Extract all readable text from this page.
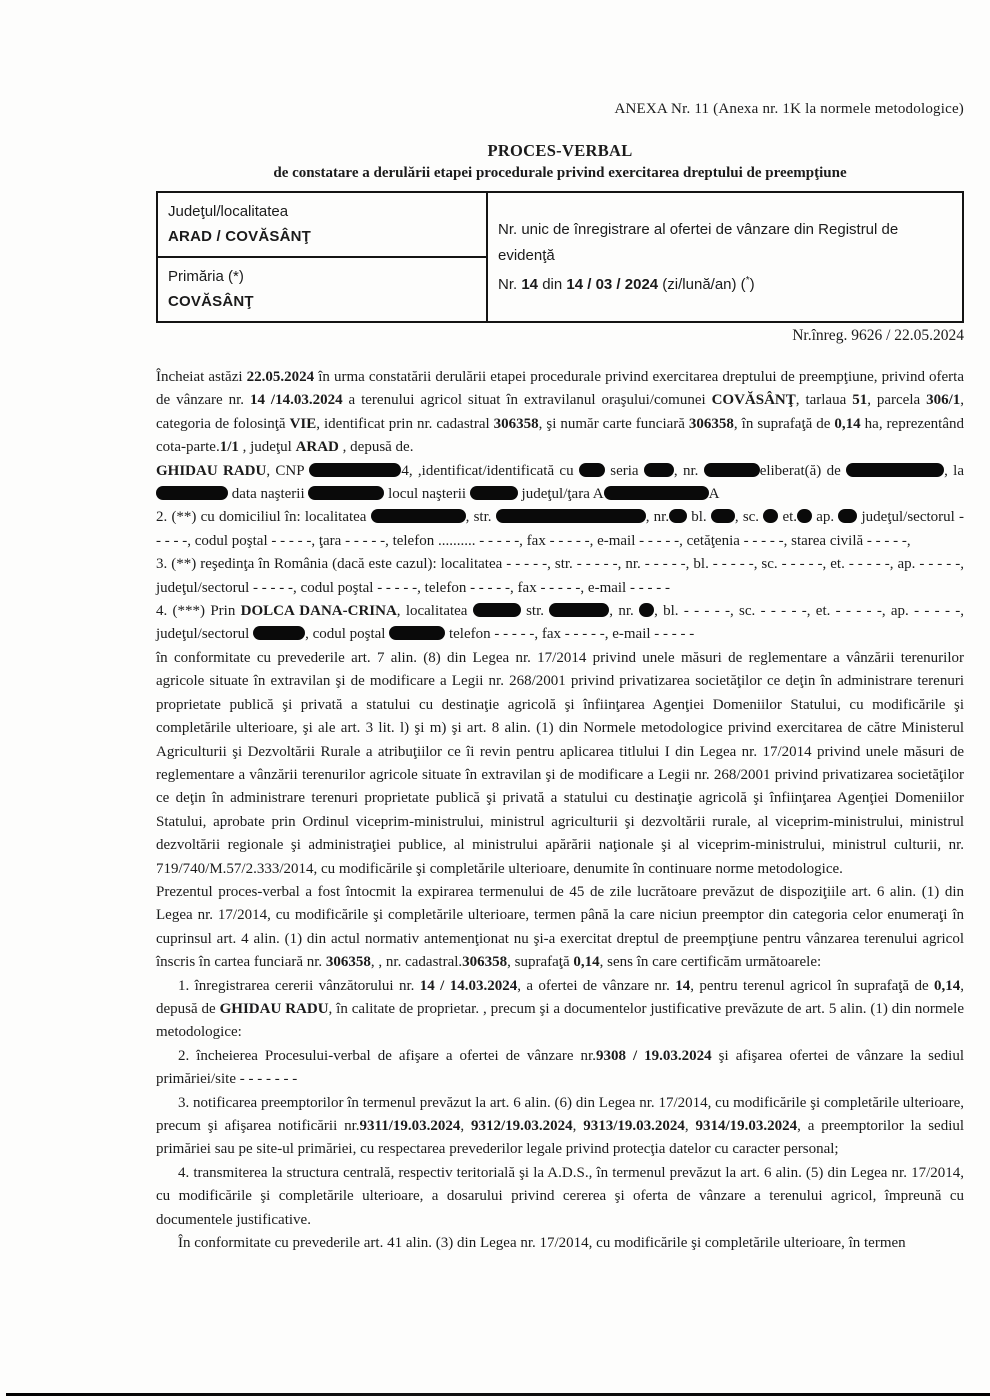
ANEXA Nr. 11 (Anexa nr. 1K la normele metodologice)
PROCES-VERBAL
de constatare a derulării etapei procedurale privind exercitarea dreptului de preempţiune
Judeţul/localitatea
ARAD / COVĂSÂNŢ	Nr. unic de înregistrare al ofertei de vânzare din Registrul de evidenţă
Nr. 14 din 14 / 03 / 2024 (zi/lună/an) (*)

Primăria (*)
COVĂSÂNŢ
Nr.înreg. 9626 / 22.05.2024

Încheiat astăzi 22.05.2024 în urma constatării derulării etapei procedurale privind exercitarea dreptului de preempţiune, privind oferta de vânzare nr. 14 /14.03.2024 a terenului agricol situat în extravilanul oraşului/comunei COVĂSÂNŢ, tarlaua 51, parcela 306/1, categoria de folosinţă VIE, identificat prin nr. cadastral 306358, şi număr carte funciară 306358, în suprafaţă de 0,14 ha, reprezentând cota-parte.1/1 , judeţul ARAD , depusă de.

GHIDAU RADU, CNP	4, ,identificat/identificată cu  seria , nr.	eliberat(ă) de	, la  data naşterii	locul naşterii	judeţul/ţara A	A

2. (**) cu domiciliul în: localitatea	, str.	, nr. bl. , sc.  et. ap.  judeţul/sectorul - - - - -, codul poştal - - - - -, ţara - - - - -, telefon .......... - - - - -, fax - - - - -, e-mail - - - - -, cetăţenia - - - - -, starea civilă - - - - -,

3. (**) reşedinţa în România (dacă este cazul): localitatea - - - - -, str. - - - - -, nr. - - - - -, bl. - - - - -, sc. - - - - -, et. - - - - -, ap. - - - - -, judeţul/sectorul - - - - -, codul poştal - - - - -, telefon - - - - -, fax - - - - -, e-mail - - - - -

4. (***) Prin DOLCA DANA-CRINA, localitatea	str.	, nr. , bl. - - - - -, sc. - - - - -, et. - - - - -, ap. - - - - -, judeţul/sectorul	, codul poştal	telefon - - - - -, fax - - - - -, e-mail - - - - -

în conformitate cu prevederile art. 7 alin. (8) din Legea nr. 17/2014 privind unele măsuri de reglementare a vânzării terenurilor agricole situate în extravilan şi de modificare a Legii nr. 268/2001 privind privatizarea societăţilor ce deţin în administrare terenuri proprietate publică şi privată a statului cu destinaţie agricolă şi înfiinţarea Agenţiei Domeniilor Statului, cu modificările şi completările ulterioare, şi ale art. 3 lit. l) şi m) şi art. 8 alin. (1) din Normele metodologice privind exercitarea de către Ministerul Agriculturii şi Dezvoltării Rurale a atribuţiilor ce îi revin pentru aplicarea titlului I din Legea nr. 17/2014 privind unele măsuri de reglementare a vânzării terenurilor agricole situate în extravilan şi de modificare a Legii nr. 268/2001 privind privatizarea societăţilor ce deţin în administrare terenuri proprietate publică şi privată a statului cu destinaţie agricolă şi înfiinţarea Agenţiei Domeniilor Statului, aprobate prin Ordinul viceprim-ministrului, ministrul agriculturii şi dezvoltării rurale, al viceprim-ministrului, ministrul dezvoltării regionale şi administraţiei publice, al ministrului apărării naţionale şi al viceprim-ministrului, ministrul culturii, nr. 719/740/M.57/2.333/2014, cu modificările şi completările ulterioare, denumite în continuare norme metodologice.

Prezentul proces-verbal a fost întocmit la expirarea termenului de 45 de zile lucrătoare prevăzut de dispoziţiile art. 6 alin. (1) din Legea nr. 17/2014, cu modificările şi completările ulterioare, termen până la care niciun preemptor din categoria celor enumeraţi în cuprinsul art. 4 alin. (1) din actul normativ antemenţionat nu şi-a exercitat dreptul de preempţiune pentru vânzarea terenului agricol înscris în cartea funciară nr. 306358, , nr. cadastral.306358, suprafaţă 0,14, sens în care certificăm următoarele:

1. înregistrarea cererii vânzătorului nr. 14 / 14.03.2024, a ofertei de vânzare nr. 14, pentru terenul agricol în suprafaţă de 0,14, depusă de GHIDAU RADU, în calitate de proprietar. , precum şi a documentelor justificative prevăzute de art. 5 alin. (1) din normele metodologice:

2. încheierea Procesului-verbal de afişare a ofertei de vânzare nr.9308 / 19.03.2024 şi afişarea ofertei de vânzare la sediul primăriei/site - - - - - - -

3. notificarea preemptorilor în termenul prevăzut la art. 6 alin. (6) din Legea nr. 17/2014, cu modificările şi completările ulterioare, precum şi afişarea notificării nr.9311/19.03.2024, 9312/19.03.2024, 9313/19.03.2024, 9314/19.03.2024, a preemptorilor la sediul primăriei sau pe site-ul primăriei, cu respectarea prevederilor legale privind protecţia datelor cu caracter personal;

4. transmiterea la structura centrală, respectiv teritorială şi la A.D.S., în termenul prevăzut la art. 6 alin. (5) din Legea nr. 17/2014, cu modificările şi completările ulterioare, a dosarului privind cererea şi oferta de vânzare a terenului agricol, împreună cu documentele justificative.

În conformitate cu prevederile art. 41 alin. (3) din Legea nr. 17/2014, cu modificările şi completările ulterioare, în termen
